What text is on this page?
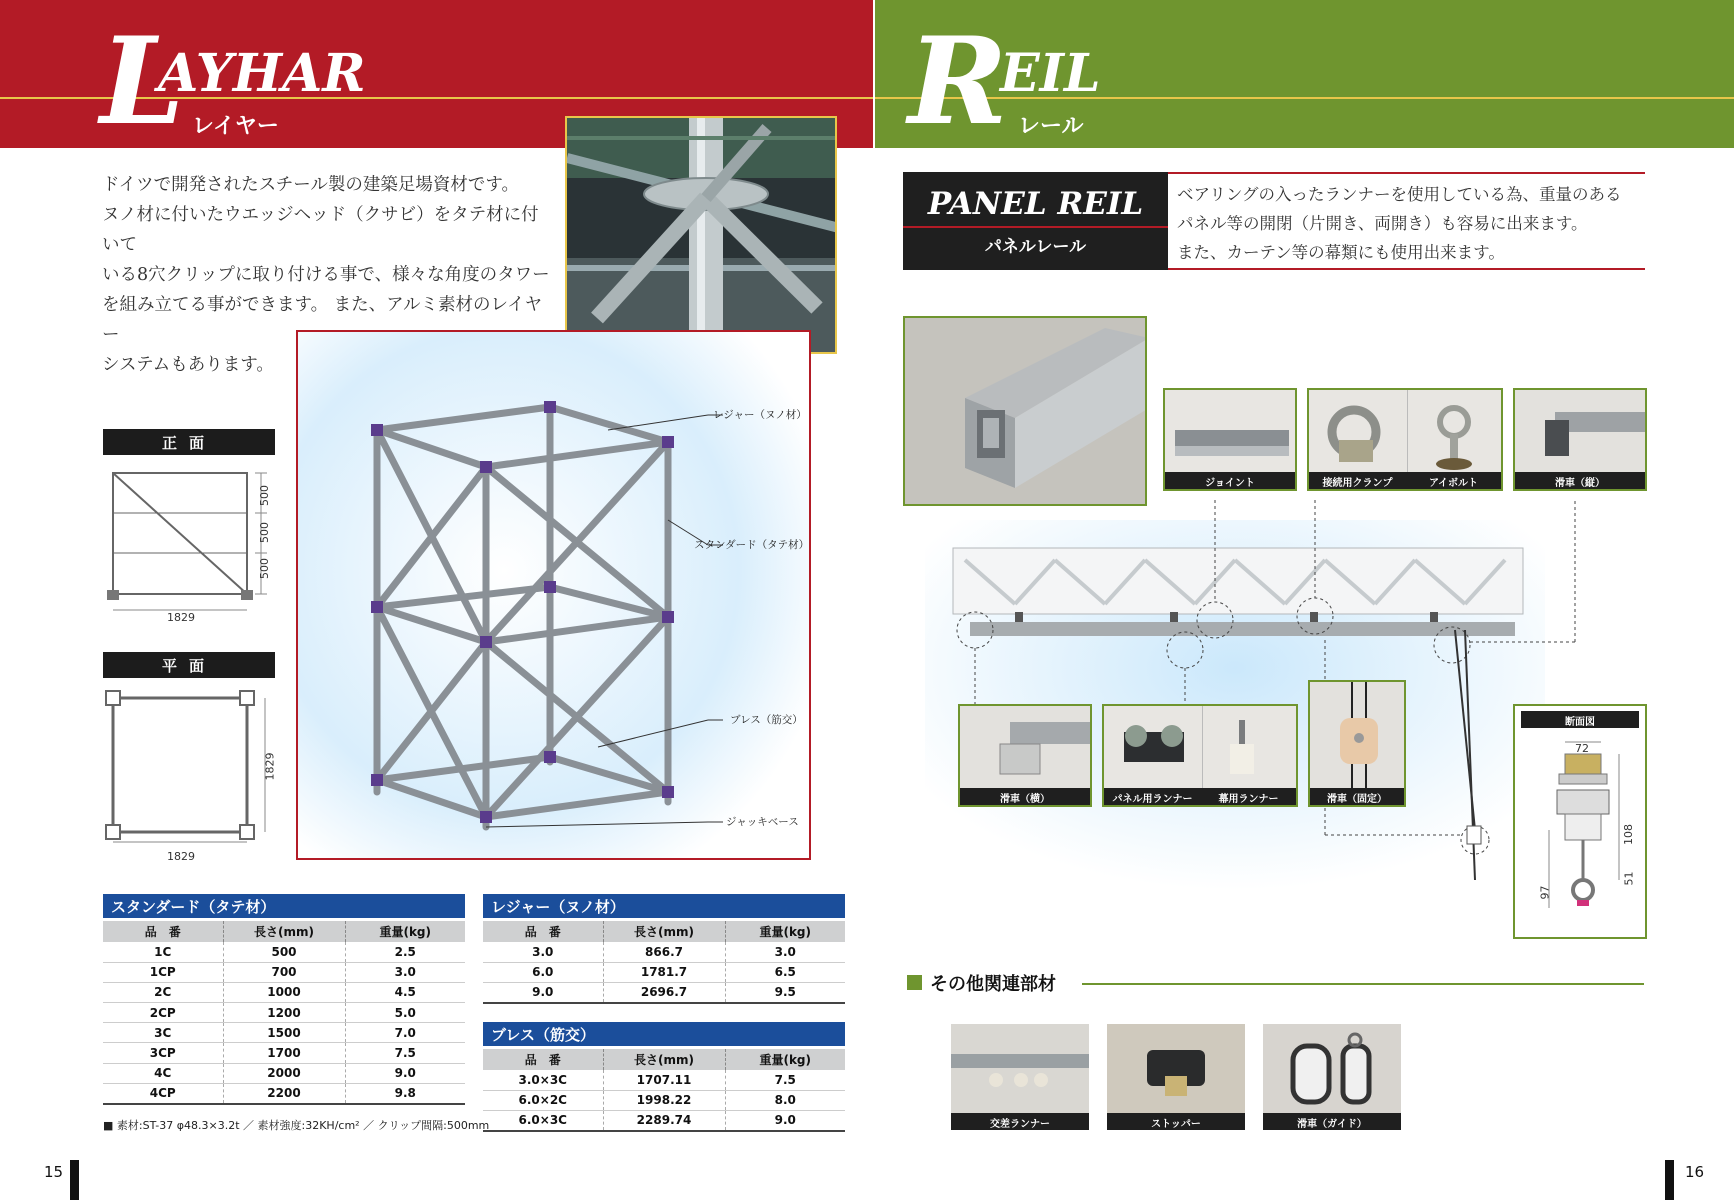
L
AYHAR
レイヤー
ドイツで開発されたスチール製の建築足場資材です。
ヌノ材に付いたウエッジヘッド（クサビ）をタテ材に付いて
いる8穴クリップに取り付ける事で、様々な角度のタワー
を組み立てる事ができます。 また、アルミ素材のレイヤー
システムもあります。
正面
500
500
500
1829
平面
1829
1829
レジャー（ヌノ材）
スタンダード（タテ材）
ブレス（筋交）
ジャッキベース
スタンダード（タテ材）
品　番	長さ(mm)	重量(kg)
1C	500	2.5
1CP	700	3.0
2C	1000	4.5
2CP	1200	5.0
3C	1500	7.0
3CP	1700	7.5
4C	2000	9.0
4CP	2200	9.8
■ 素材:ST-37 φ48.3×3.2t ／ 素材強度:32KH/cm² ／ クリップ間隔:500mm
レジャー（ヌノ材）
品　番	長さ(mm)	重量(kg)
3.0	866.7	3.0
6.0	1781.7	6.5
9.0	2696.7	9.5
ブレス（筋交）
品　番	長さ(mm)	重量(kg)
3.0×3C	1707.11	7.5
6.0×2C	1998.22	8.0
6.0×3C	2289.74	9.0
15
R
EIL
レール
PANEL REIL
パネルレール
ベアリングの入ったランナーを使用している為、重量のある
パネル等の開閉（片開き、両開き）も容易に出来ます。
また、カーテン等の幕類にも使用出来ます。
ジョイント	接続用クランプ	アイボルト	滑車（縦）
滑車（横）	パネル用ランナー	幕用ランナー	滑車（固定）
断面図
72
108
51
97
その他関連部材
交差ランナー	ストッパー	滑車（ガイド）
16
